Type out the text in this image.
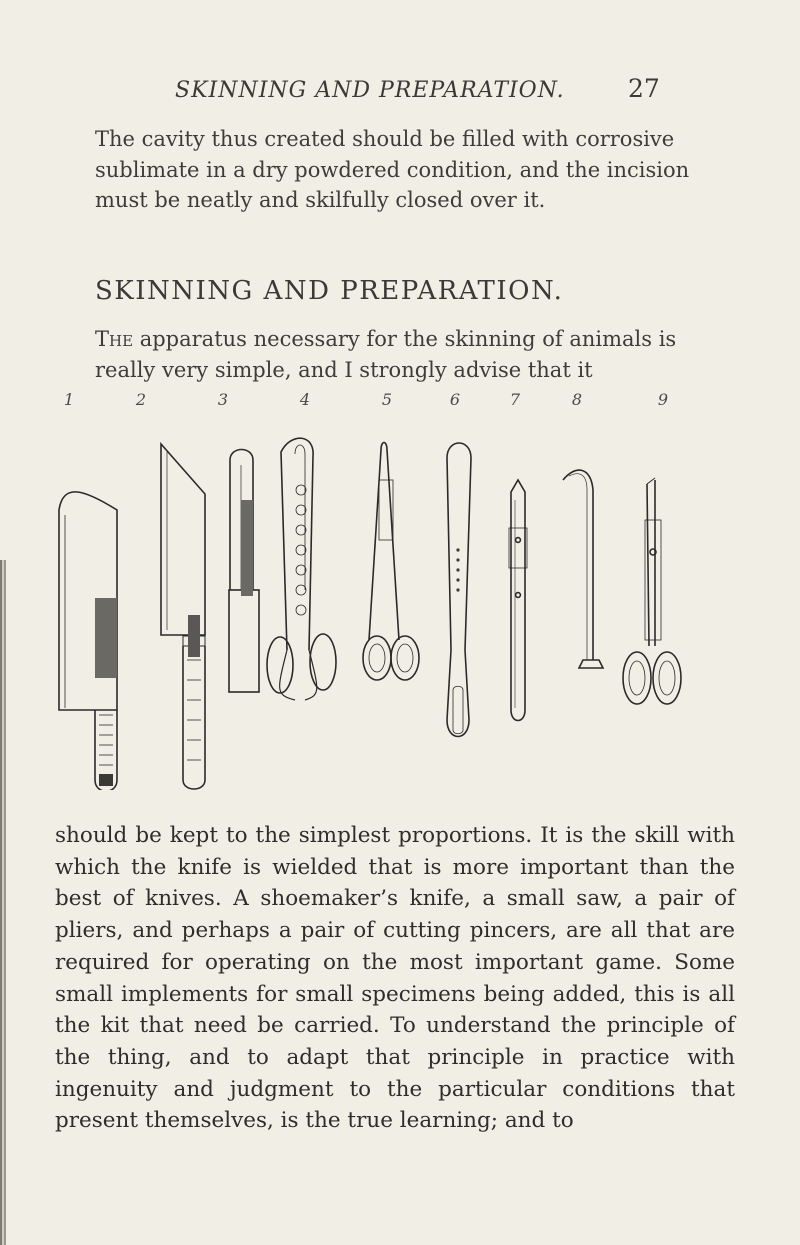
SKINNING AND PREPARATION.	27

The cavity thus created should be filled with corrosive sublimate in a dry powdered condition, and the incision must be neatly and skilfully closed over it.

SKINNING AND PREPARATION.

The apparatus necessary for the skinning of animals is really very simple, and I strongly advise that it

1	2	3	4	5	6	7	8	9

should be kept to the simplest proportions. It is the skill with which the knife is wielded that is more important than the best of knives. A shoemaker’s knife, a small saw, a pair of pliers, and perhaps a pair of cutting pincers, are all that are required for operating on the most important game. Some small implements for small specimens being added, this is all the kit that need be carried. To understand the principle of the thing, and to adapt that principle in practice with ingenuity and judgment to the particular conditions that present themselves, is the true learning; and to
